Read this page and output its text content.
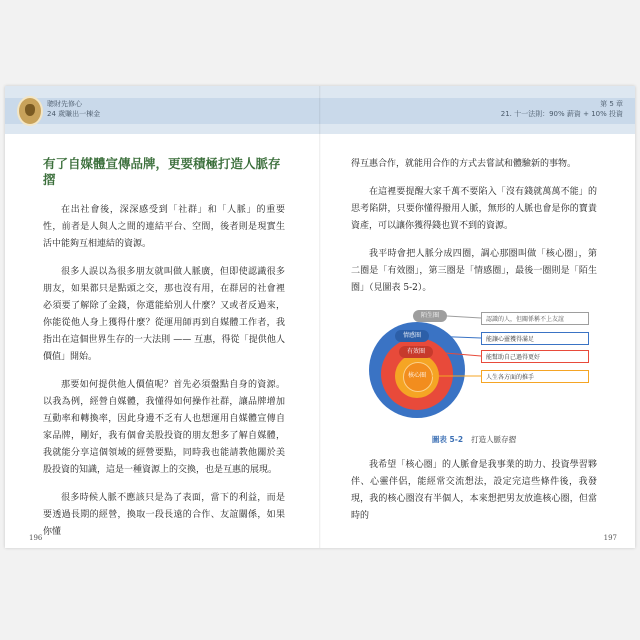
聰財先修心
24 歲賺出一棟金
第 5 章
21. 十一法則：90% 薪資 + 10% 投資
有了自媒體宣傳品牌，更要積極打造人脈存摺

在出社會後，深深感受到「社群」和「人脈」的重要性，前者是人與人之間的連結平台、空間，後者則是現實生活中能夠互相連結的資源。

很多人誤以為很多朋友就叫做人脈廣，但即使認識很多朋友，如果都只是點頭之交，那也沒有用，在群居的社會裡必須要了解除了金錢，你還能給別人什麼？又或者反過來，你能從他人身上獲得什麼？從運用師再到自媒體工作者，我指出在這個世界生存的一大法則 —— 互惠，得從「提供他人價值」開始。

那要如何提供他人價值呢？首先必須盤點自身的資源。以我為例，經營自媒體，我懂得如何操作社群，讓品牌增加互動率和轉換率，因此身邊不乏有人也想運用自媒體宣傳自家品牌，剛好，我有個會美股投資的朋友想多了解自媒體，我就能分享這個領域的經營要點，同時我也能請教他關於美股投資的知識，這是一種資源上的交換，也是互惠的展現。

很多時候人脈不應該只是為了表面，當下的利益，而是要透過長期的經營，換取一段長遠的合作、友誼關係，如果你懂

196

得互惠合作，就能用合作的方式去嘗試和體驗新的事物。

在這裡要提醒大家千萬不要陷入「沒有錢就萬萬不能」的思考陷阱，只要你懂得撥用人脈，無形的人脈也會是你的寶貴資產，可以讓你獲得錢也買不到的資源。

我平時會把人脈分成四圈，調心那圈叫做「核心圈」，第二圈是「有效圈」，第三圈是「情感圈」，最後一圈則是「陌生圈」（見圖表 5-2）。

陌生圈
情感圈
有效圈
核心圈
認識的人，但關係稱不上友誼
能讓心靈獲得滿足
能幫助自己過得更好
人生各方面的推手
圖表 5-2 打造人脈存摺

我希望「核心圈」的人脈會是我事業的助力、投資學習夥伴、心靈伴侶，能經常交流想法，設定完這些條件後，我發現，我的核心圈沒有半個人，本來想把男友放進核心圈，但當時的

197
